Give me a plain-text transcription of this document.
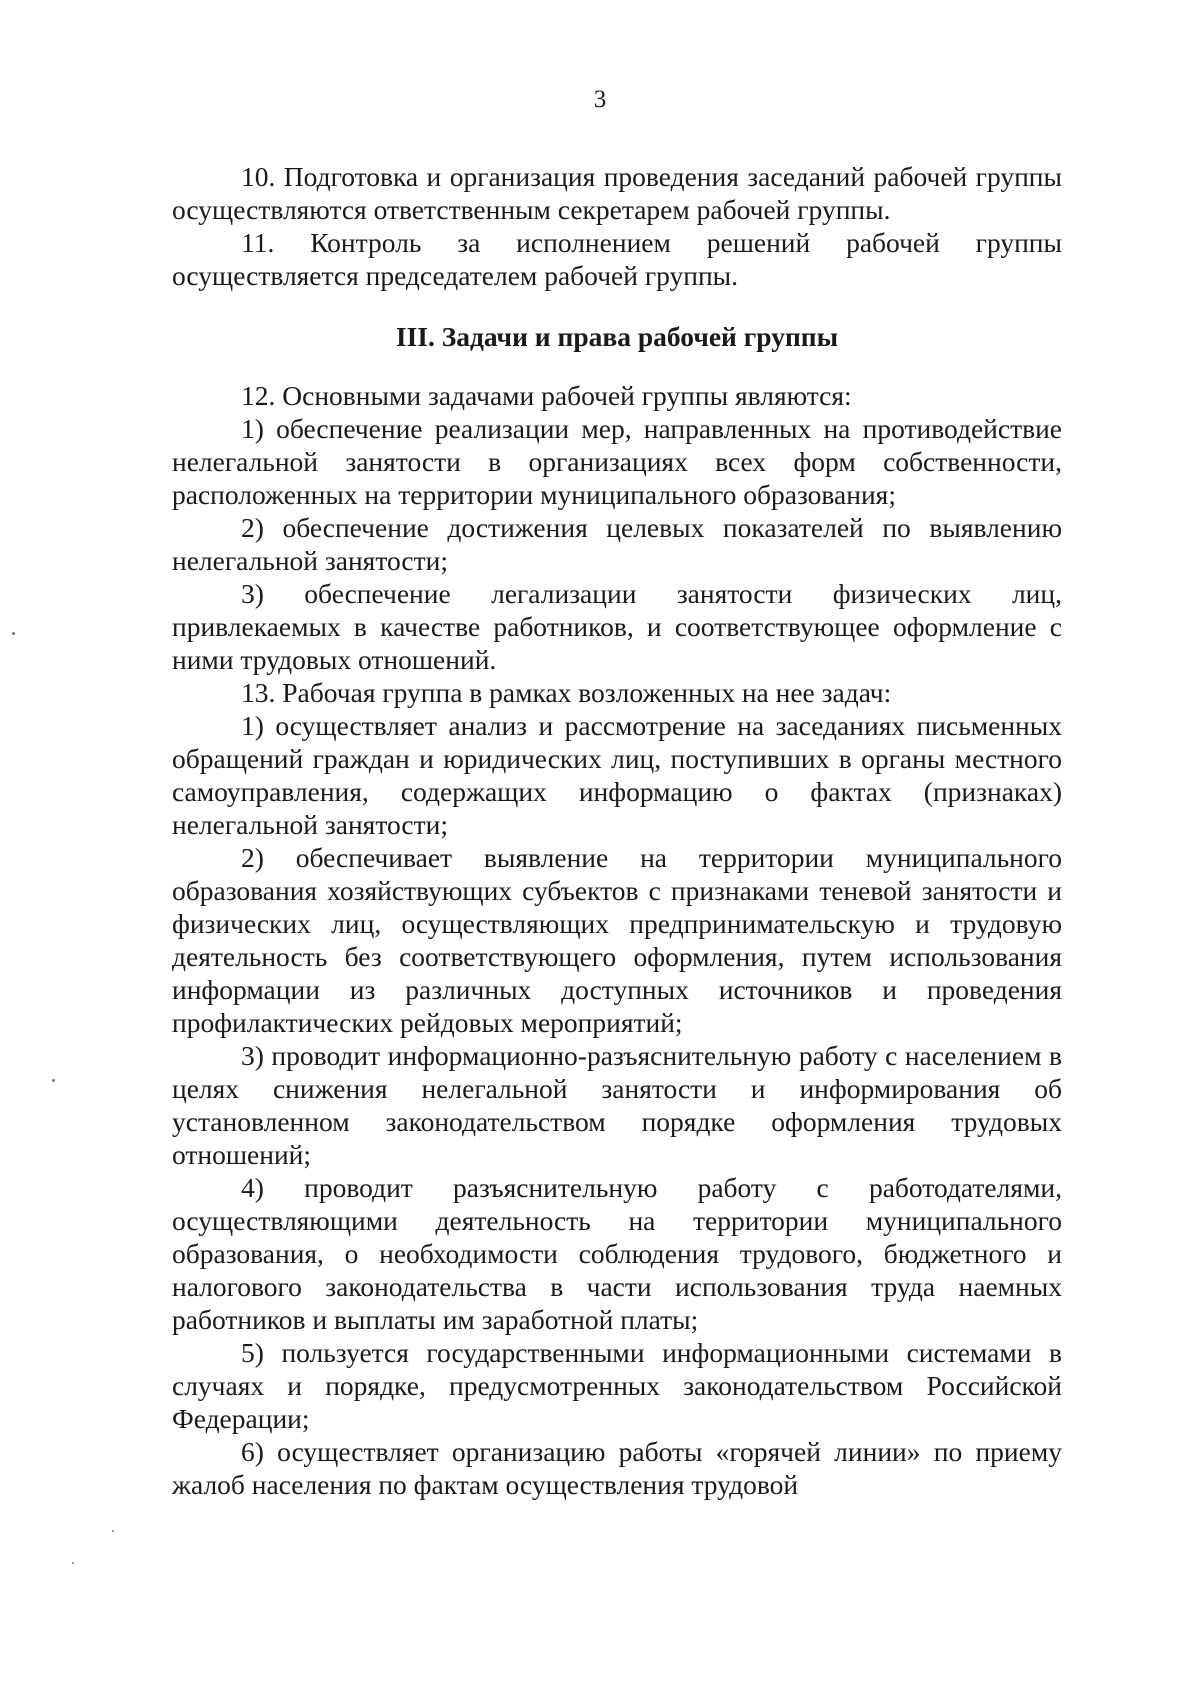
3

10. Подготовка и организация проведения заседаний рабочей группы осуществляются ответственным секретарем рабочей группы.

11. Контроль за исполнением решений рабочей группы осуществляется председателем рабочей группы.

III. Задачи и права рабочей группы

12. Основными задачами рабочей группы являются:

1) обеспечение реализации мер, направленных на противодействие нелегальной занятости в организациях всех форм собственности, расположенных на территории муниципального образования;

2) обеспечение достижения целевых показателей по выявлению нелегальной занятости;

3) обеспечение легализации занятости физических лиц, привлекаемых в качестве работников, и соответствующее оформление с ними трудовых отношений.

13. Рабочая группа в рамках возложенных на нее задач:

1) осуществляет анализ и рассмотрение на заседаниях письменных обращений граждан и юридических лиц, поступивших в органы местного самоуправления, содержащих информацию о фактах (признаках) нелегальной занятости;

2) обеспечивает выявление на территории муниципального образования хозяйствующих субъектов с признаками теневой занятости и физических лиц, осуществляющих предпринимательскую и трудовую деятельность без соответствующего оформления, путем использования информации из различных доступных источников и проведения профилактических рейдовых мероприятий;

3) проводит информационно-разъяснительную работу с населением в целях снижения нелегальной занятости и информирования об установленном законодательством порядке оформления трудовых отношений;

4) проводит разъяснительную работу с работодателями, осуществляющими деятельность на территории муниципального образования, о необходимости соблюдения трудового, бюджетного и налогового законодательства в части использования труда наемных работников и выплаты им заработной платы;

5) пользуется государственными информационными системами в случаях и порядке, предусмотренных законодательством Российской Федерации;

6) осуществляет организацию работы «горячей линии» по приему жалоб населения по фактам осуществления трудовой
